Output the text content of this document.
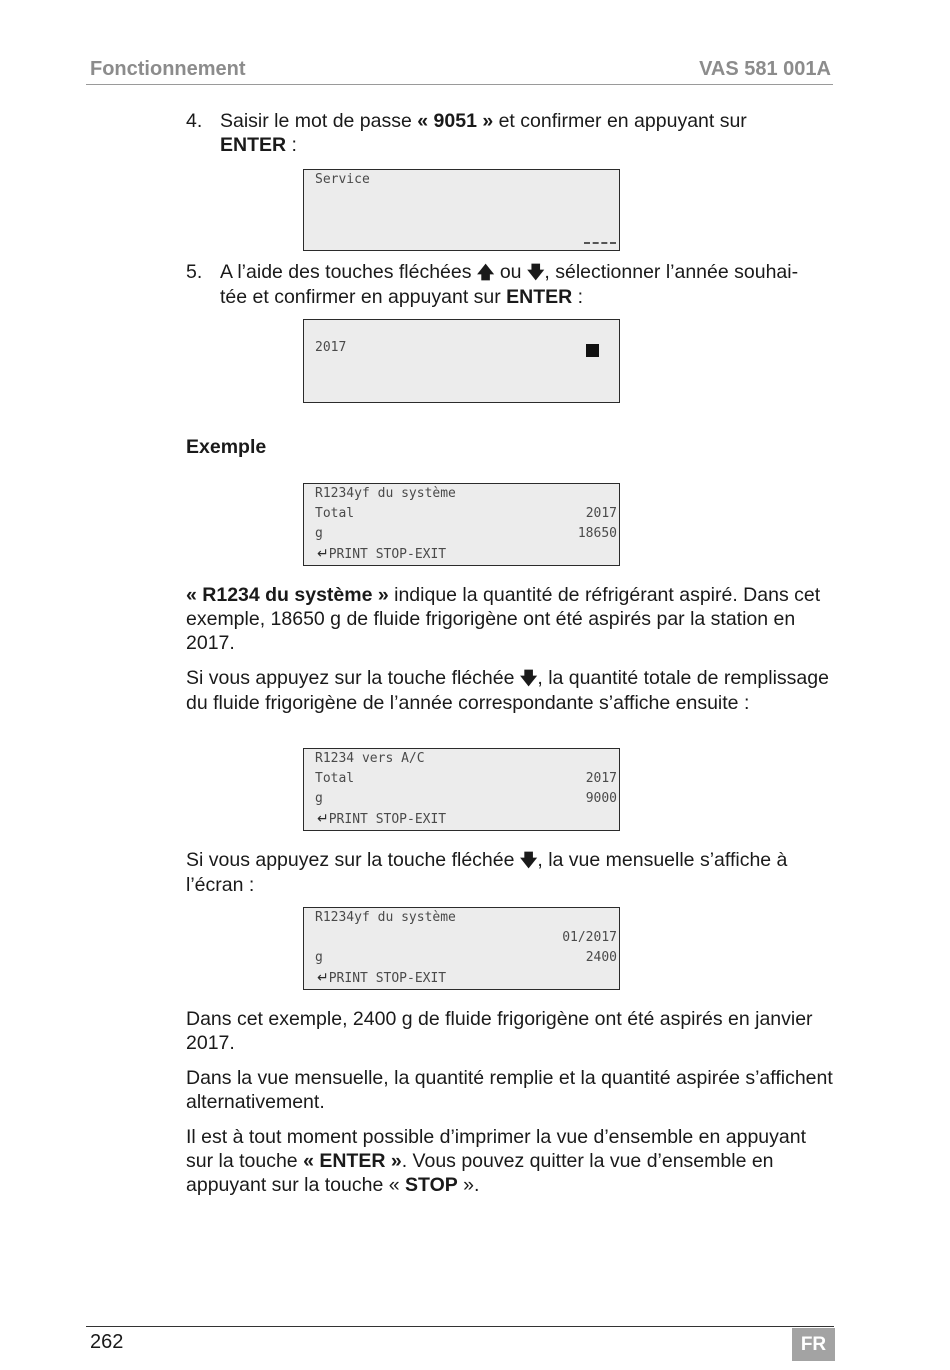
Fonctionnement	VAS 581 001A
4. Saisir le mot de passe « 9051 » et confirmer en appuyant sur
ENTER :
Service
5. A l’aide des touches fléchées 🡅 ou 🡇, sélectionner l’année souhai-
tée et confirmer en appuyant sur ENTER :
2017
Exemple
R1234yf du système
Total	2017
g	18650
↵PRINT STOP-EXIT

« R1234 du système » indique la quantité de réfrigérant aspiré. Dans cet exemple, 18650 g de fluide frigorigène ont été aspirés par la station en 2017.

Si vous appuyez sur la touche fléchée 🡇, la quantité totale de remplissage du fluide frigorigène de l’année correspondante s’affiche ensuite :

R1234 vers A/C
Total	2017
g	9000
↵PRINT STOP-EXIT

Si vous appuyez sur la touche fléchée 🡇, la vue mensuelle s’affiche à l’écran :

R1234yf du système
01/2017
g	2400
↵PRINT STOP-EXIT
Dans cet exemple, 2400 g de fluide frigorigène ont été aspirés en janvier 2017.
Dans la vue mensuelle, la quantité remplie et la quantité aspirée s’affichent alternativement.

Il est à tout moment possible d’imprimer la vue d’ensemble en appuyant sur la touche « ENTER ». Vous pouvez quitter la vue d’ensemble en appuyant sur la touche « STOP ».

262	FR
